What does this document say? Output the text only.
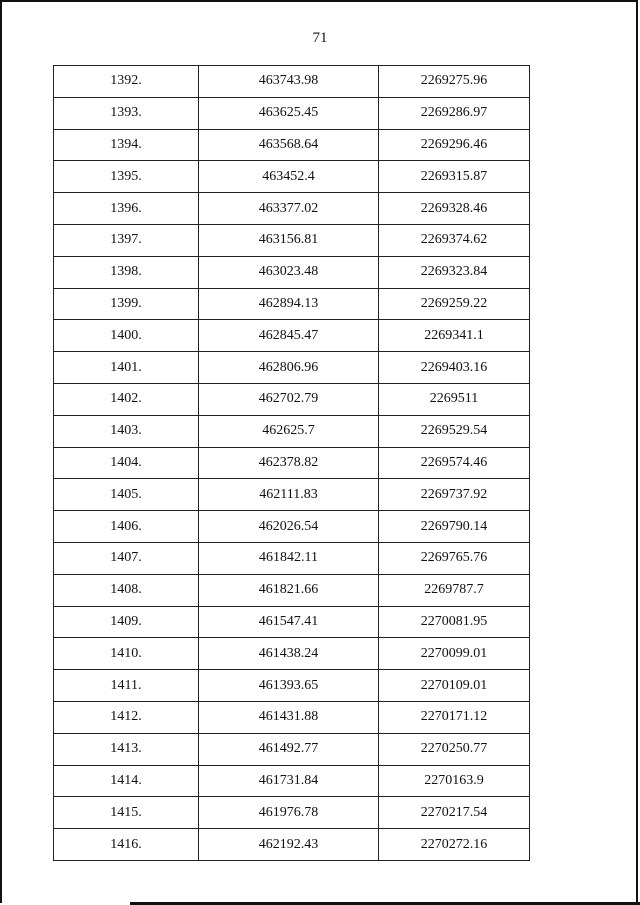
71
1392.	463743.98	2269275.96
1393.	463625.45	2269286.97
1394.	463568.64	2269296.46
1395.	463452.4	2269315.87
1396.	463377.02	2269328.46
1397.	463156.81	2269374.62
1398.	463023.48	2269323.84
1399.	462894.13	2269259.22
1400.	462845.47	2269341.1
1401.	462806.96	2269403.16
1402.	462702.79	2269511
1403.	462625.7	2269529.54
1404.	462378.82	2269574.46
1405.	462111.83	2269737.92
1406.	462026.54	2269790.14
1407.	461842.11	2269765.76
1408.	461821.66	2269787.7
1409.	461547.41	2270081.95
1410.	461438.24	2270099.01
1411.	461393.65	2270109.01
1412.	461431.88	2270171.12
1413.	461492.77	2270250.77
1414.	461731.84	2270163.9
1415.	461976.78	2270217.54
1416.	462192.43	2270272.16
